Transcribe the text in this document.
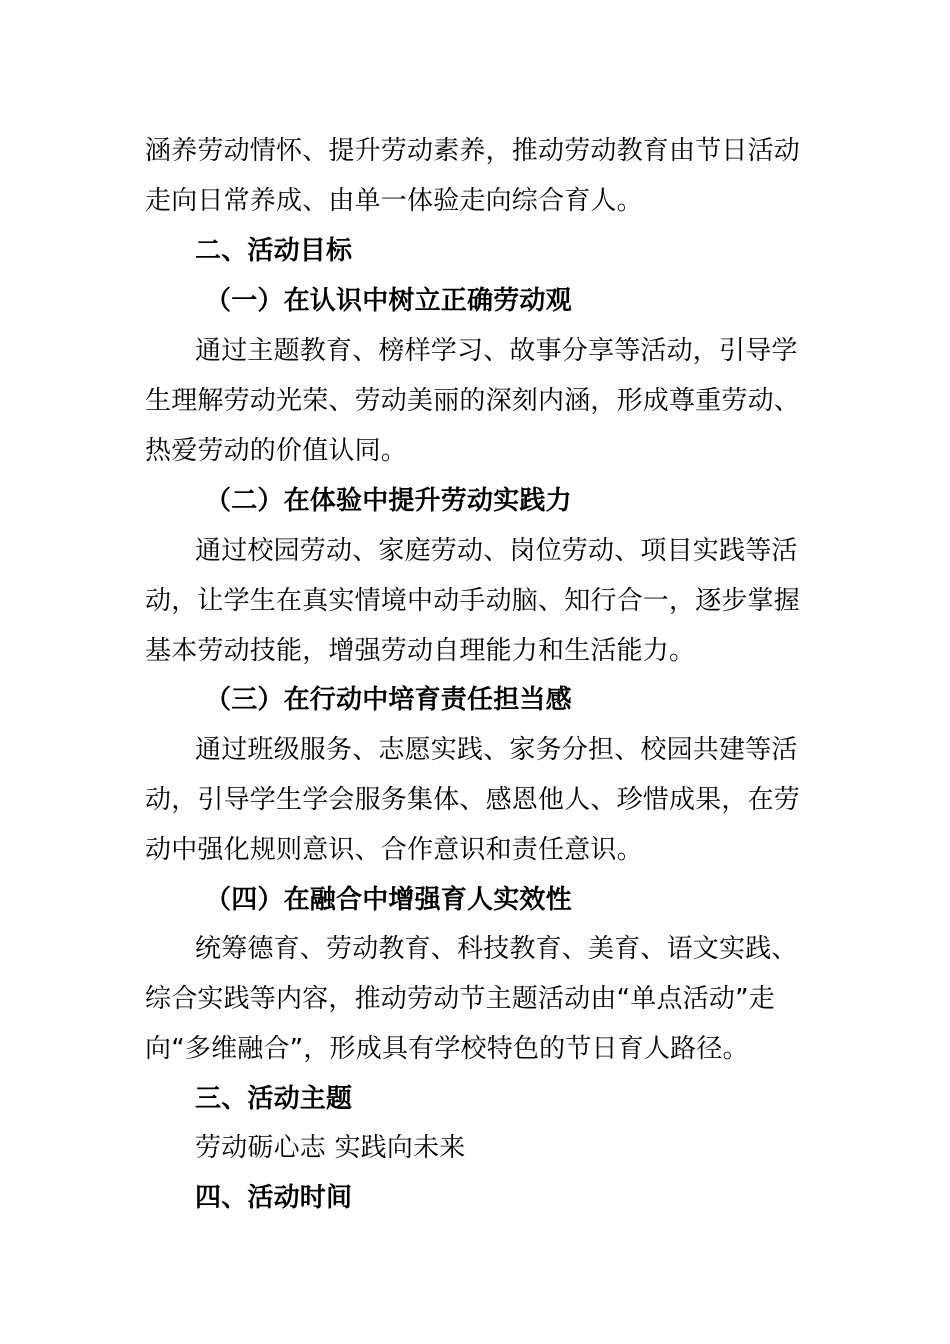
涵养劳动情怀、提升劳动素养，推动劳动教育由节日活动
走向日常养成、由单一体验走向综合育人。
二、活动目标
（一）在认识中树立正确劳动观
通过主题教育、榜样学习、故事分享等活动，引导学
生理解劳动光荣、劳动美丽的深刻内涵，形成尊重劳动、
热爱劳动的价值认同。
（二）在体验中提升劳动实践力
通过校园劳动、家庭劳动、岗位劳动、项目实践等活
动，让学生在真实情境中动手动脑、知行合一，逐步掌握
基本劳动技能，增强劳动自理能力和生活能力。
（三）在行动中培育责任担当感
通过班级服务、志愿实践、家务分担、校园共建等活
动，引导学生学会服务集体、感恩他人、珍惜成果，在劳
动中强化规则意识、合作意识和责任意识。
（四）在融合中增强育人实效性
统筹德育、劳动教育、科技教育、美育、语文实践、
综合实践等内容，推动劳动节主题活动由“单点活动”走
向“多维融合”，形成具有学校特色的节日育人路径。
三、活动主题
劳动砺心志 实践向未来
四、活动时间
